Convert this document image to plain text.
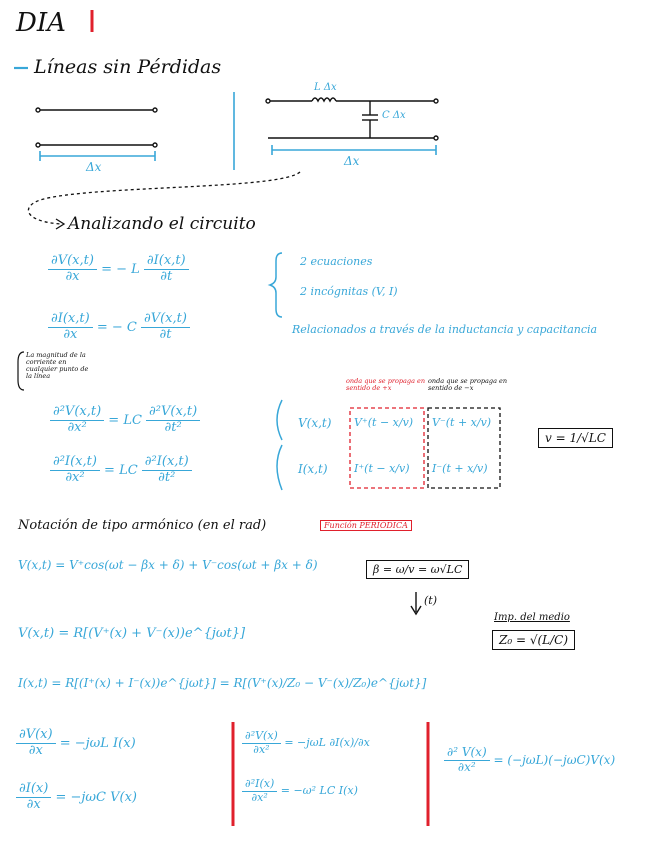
DIA
Líneas sin Pérdidas
Δx	Δx
L Δx
C Δx
Analizando el circuito
$\frac{\partial V(x,t)}{\partial x}$ = − L $\frac{\partial I(x,t)}{\partial t}$
$\frac{\partial I(x,t)}{\partial x}$ = − C $\frac{\partial V(x,t)}{\partial t}$
2 ecuaciones
2 incógnitas (V, I)
Relacionados a través de la inductancia y capacitancia
La magnitud de la corriente en cualquier punto de la línea
$\frac{\text{∂²V(x,t)}}{\text{∂x²}}$ = LC $\frac{\text{∂²V(x,t)}}{\text{∂t²}}$
$\frac{\text{∂²I(x,t)}}{\text{∂x²}}$ = LC $\frac{\text{∂²I(x,t)}}{\text{∂t²}}$
onda que se propaga en sentido de +x
onda que se propaga en sentido de −x
V(x,t) V⁺(t − x/v) V⁻(t + x/v)
I(x,t) I⁺(t − x/v) I⁻(t + x/v)
v = 1/√LC
Notación de tipo armónico (en el rad)	Función PERIÓDICA
V(x,t) = V⁺cos(ωt − βx + δ) + V⁻cos(ωt + βx + δ)	β = ω/v = ω√LC
(t)
Imp. del medio
Z₀ = √(L/C)
V(x,t) = R[(V⁺(x) + V⁻(x))e^{jωt}]
I(x,t) = R[(I⁺(x) + I⁻(x))e^{jωt}] = R[(V⁺(x)/Z₀ − V⁻(x)/Z₀)e^{jωt}]
$\frac{\partial V(x)}{\partial x} = -j\omega L$ I(x)
$\frac{\partial I(x)}{\partial x} = -j\omega C$ V(x)
$\frac{\text{∂²V(x)}}{\text{∂x²}} = -j\omega L$ ∂I(x)/∂x
$\frac{\text{∂²I(x)}}{\text{∂x²}} = -\omega^2$ LC I(x)
$\frac{\text{∂² V(x)}}{\text{∂x²}} = (-j\omega L)(-j\omega C)V(x)$
